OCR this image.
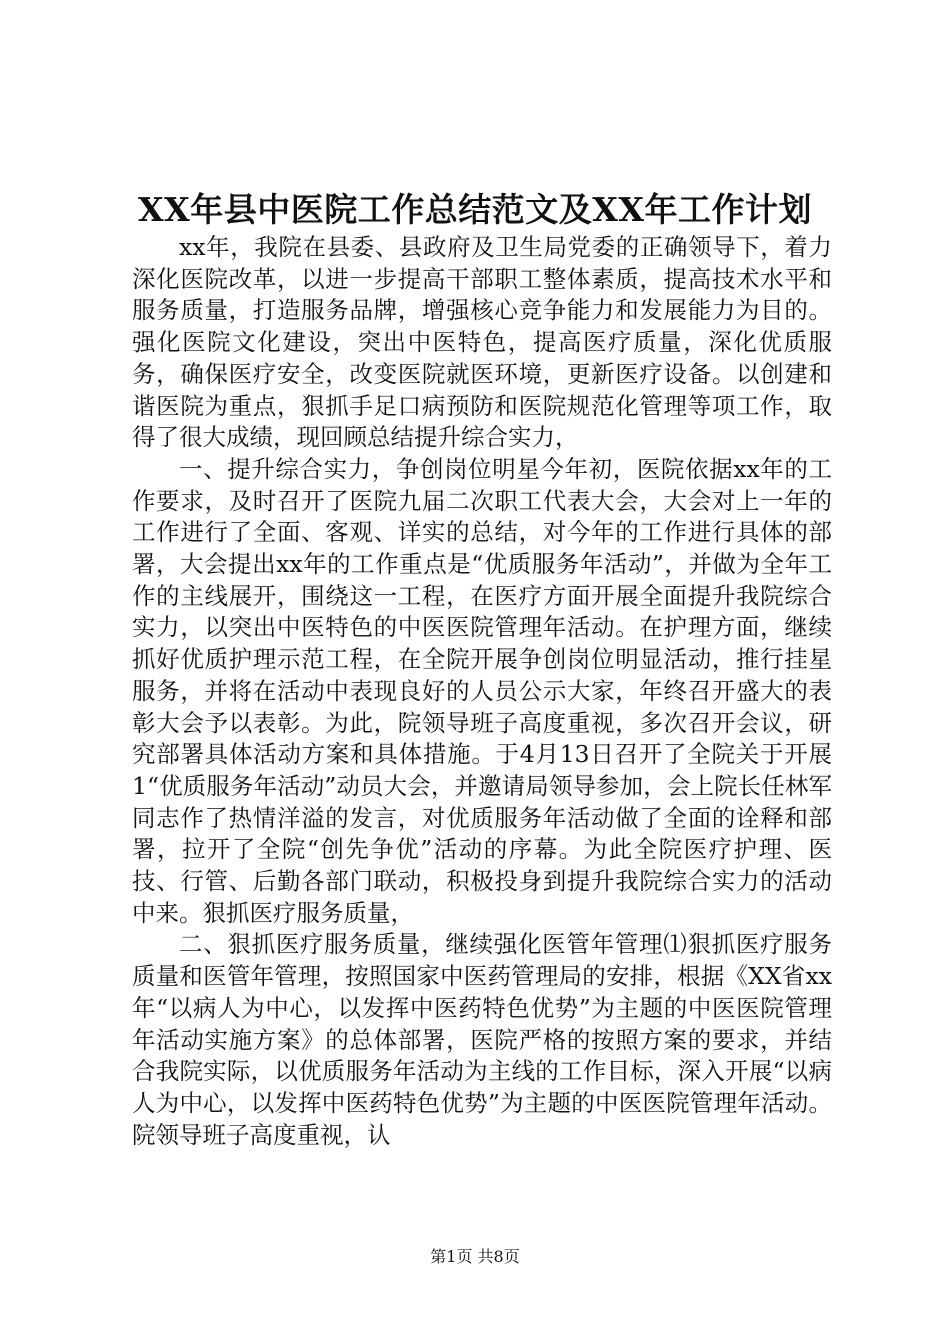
XX年县中医院工作总结范文及XX年工作计划

xx年，我院在县委、县政府及卫生局党委的正确领导下，着力深化医院改革，以进一步提高干部职工整体素质，提高技术水平和服务质量，打造服务品牌，增强核心竞争能力和发展能力为目的。强化医院文化建设，突出中医特色，提高医疗质量，深化优质服务，确保医疗安全，改变医院就医环境，更新医疗设备。以创建和谐医院为重点，狠抓手足口病预防和医院规范化管理等项工作，取得了很大成绩，现回顾总结提升综合实力，

一、提升综合实力，争创岗位明星今年初，医院依据xx年的工作要求，及时召开了医院九届二次职工代表大会，大会对上一年的工作进行了全面、客观、详实的总结，对今年的工作进行具体的部署，大会提出xx年的工作重点是“优质服务年活动”，并做为全年工作的主线展开，围绕这一工程，在医疗方面开展全面提升我院综合实力，以突出中医特色的中医医院管理年活动。在护理方面，继续抓好优质护理示范工程，在全院开展争创岗位明显活动，推行挂星服务，并将在活动中表现良好的人员公示大家，年终召开盛大的表彰大会予以表彰。为此，院领导班子高度重视，多次召开会议，研究部署具体活动方案和具体措施。于4月13日召开了全院关于开展1“优质服务年活动”动员大会，并邀请局领导参加，会上院长任林军同志作了热情洋溢的发言，对优质服务年活动做了全面的诠释和部署，拉开了全院“创先争优”活动的序幕。为此全院医疗护理、医技、行管、后勤各部门联动，积极投身到提升我院综合实力的活动中来。狠抓医疗服务质量，

二、狠抓医疗服务质量，继续强化医管年管理⑴狠抓医疗服务质量和医管年管理，按照国家中医药管理局的安排，根据《XX省xx年“以病人为中心，以发挥中医药特色优势”为主题的中医医院管理年活动实施方案》的总体部署，医院严格的按照方案的要求，并结合我院实际，以优质服务年活动为主线的工作目标，深入开展“以病人为中心，以发挥中医药特色优势”为主题的中医医院管理年活动。院领导班子高度重视，认

第1页 共8页
